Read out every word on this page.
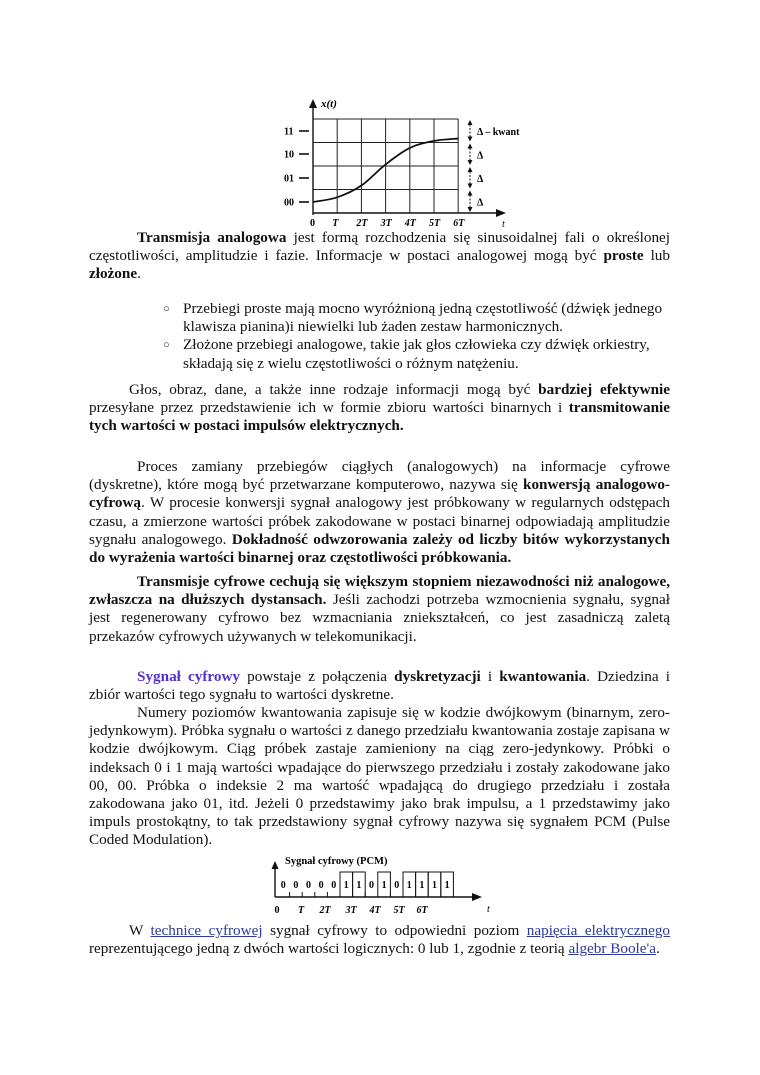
x(t)
t
11
10
01
00
0 T 2T 3T 4T 5T 6T
Δ – kwant
Δ
Δ
Δ
Transmisja analogowa jest formą rozchodzenia się sinusoidalnej fali o określonej częstotliwości, amplitudzie i fazie. Informacje w postaci analogowej mogą być proste lub złożone.
○ Przebiegi proste mają mocno wyróżnioną jedną częstotliwość (dźwięk jednego klawisza pianina)i niewielki lub żaden zestaw harmonicznych.
○ Złożone przebiegi analogowe, takie jak głos człowieka czy dźwięk orkiestry, składają się z wielu częstotliwości o różnym natężeniu.
Głos, obraz, dane, a także inne rodzaje informacji mogą być bardziej efektywnie przesyłane przez przedstawienie ich w formie zbioru wartości binarnych i transmitowanie tych wartości w postaci impulsów elektrycznych.
Proces zamiany przebiegów ciągłych (analogowych) na informacje cyfrowe (dyskretne), które mogą być przetwarzane komputerowo, nazywa się konwersją analogowo-cyfrową. W procesie konwersji sygnał analogowy jest próbkowany w regularnych odstępach czasu, a zmierzone wartości próbek zakodowane w postaci binarnej odpowiadają amplitudzie sygnału analogowego. Dokładność odwzorowania zależy od liczby bitów wykorzystanych do wyrażenia wartości binarnej oraz częstotliwości próbkowania.
Transmisje cyfrowe cechują się większym stopniem niezawodności niż analogowe, zwłaszcza na dłuższych dystansach. Jeśli zachodzi potrzeba wzmocnienia sygnału, sygnał jest regenerowany cyfrowo bez wzmacniania zniekształceń, co jest zasadniczą zaletą przekazów cyfrowych używanych w telekomunikacji.
Sygnał cyfrowy powstaje z połączenia dyskretyzacji i kwantowania. Dziedzina i zbiór wartości tego sygnału to wartości dyskretne.
Numery poziomów kwantowania zapisuje się w kodzie dwójkowym (binarnym, zero-jedynkowym). Próbka sygnału o wartości z danego przedziału kwantowania zostaje zapisana w kodzie dwójkowym. Ciąg próbek zastaje zamieniony na ciąg zero-jedynkowy. Próbki o indeksach 0 i 1 mają wartości wpadające do pierwszego przedziału i zostały zakodowane jako 00, 00. Próbka o indeksie 2 ma wartość wpadającą do drugiego przedziału i została zakodowana jako 01, itd. Jeżeli 0 przedstawimy jako brak impulsu, a 1 przedstawimy jako impuls prostokątny, to tak przedstawiony sygnał cyfrowy nazywa się sygnałem PCM (Pulse Coded Modulation).
Sygnał cyfrowy (PCM)
t
0 0 0 0 0 1 1 0 1 0 1 1 1 1
0 T 2T 3T 4T 5T 6T
W technice cyfrowej sygnał cyfrowy to odpowiedni poziom napięcia elektrycznego reprezentującego jedną z dwóch wartości logicznych: 0 lub 1, zgodnie z teorią algebr Boole'a.
